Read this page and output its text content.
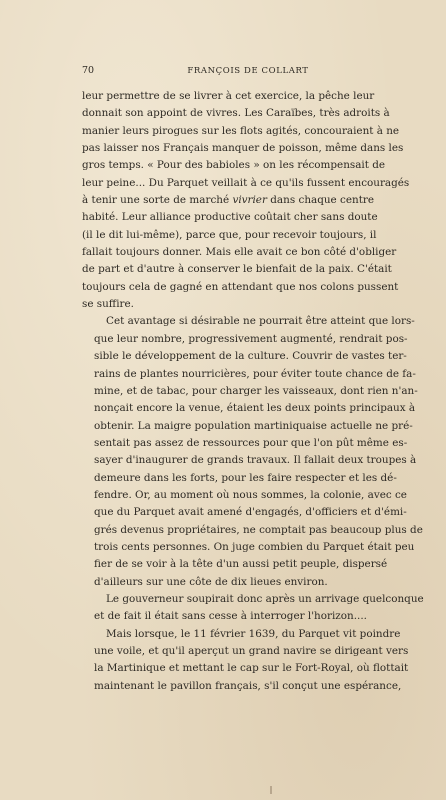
70	FRANÇOIS DE COLLART

leur permettre de se livrer à cet exercice, la pêche leur
donnait son appoint de vivres. Les Caraïbes, très adroits à
manier leurs pirogues sur les flots agités, concouraient à ne
pas laisser nos Français manquer de poisson, même dans les
gros temps. « Pour des babioles » on les récompensait de
leur peine... Du Parquet veillait à ce qu'ils fussent encouragés
à tenir une sorte de marché vivrier dans chaque centre
habité. Leur alliance productive coûtait cher sans doute
(il le dit lui-même), parce que, pour recevoir toujours, il
fallait toujours donner. Mais elle avait ce bon côté d'obliger
de part et d'autre à conserver le bienfait de la paix. C'était
toujours cela de gagné en attendant que nos colons pussent
se suffire.

Cet avantage si désirable ne pourrait être atteint que lors-
que leur nombre, progressivement augmenté, rendrait pos-
sible le développement de la culture. Couvrir de vastes ter-
rains de plantes nourricières, pour éviter toute chance de fa-
mine, et de tabac, pour charger les vaisseaux, dont rien n'an-
nonçait encore la venue, étaient les deux points principaux à
obtenir. La maigre population martiniquaise actuelle ne pré-
sentait pas assez de ressources pour que l'on pût même es-
sayer d'inaugurer de grands travaux. Il fallait deux troupes à
demeure dans les forts, pour les faire respecter et les dé-
fendre. Or, au moment où nous sommes, la colonie, avec ce
que du Parquet avait amené d'engagés, d'officiers et d'émi-
grés devenus propriétaires, ne comptait pas beaucoup plus de
trois cents personnes. On juge combien du Parquet était peu
fier de se voir à la tête d'un aussi petit peuple, dispersé
d'ailleurs sur une côte de dix lieues environ.

Le gouverneur soupirait donc après un arrivage quelconque
et de fait il était sans cesse à interroger l'horizon....

Mais lorsque, le 11 février 1639, du Parquet vit poindre
une voile, et qu'il aperçut un grand navire se dirigeant vers
la Martinique et mettant le cap sur le Fort-Royal, où flottait
maintenant le pavillon français, s'il conçut une espérance,
